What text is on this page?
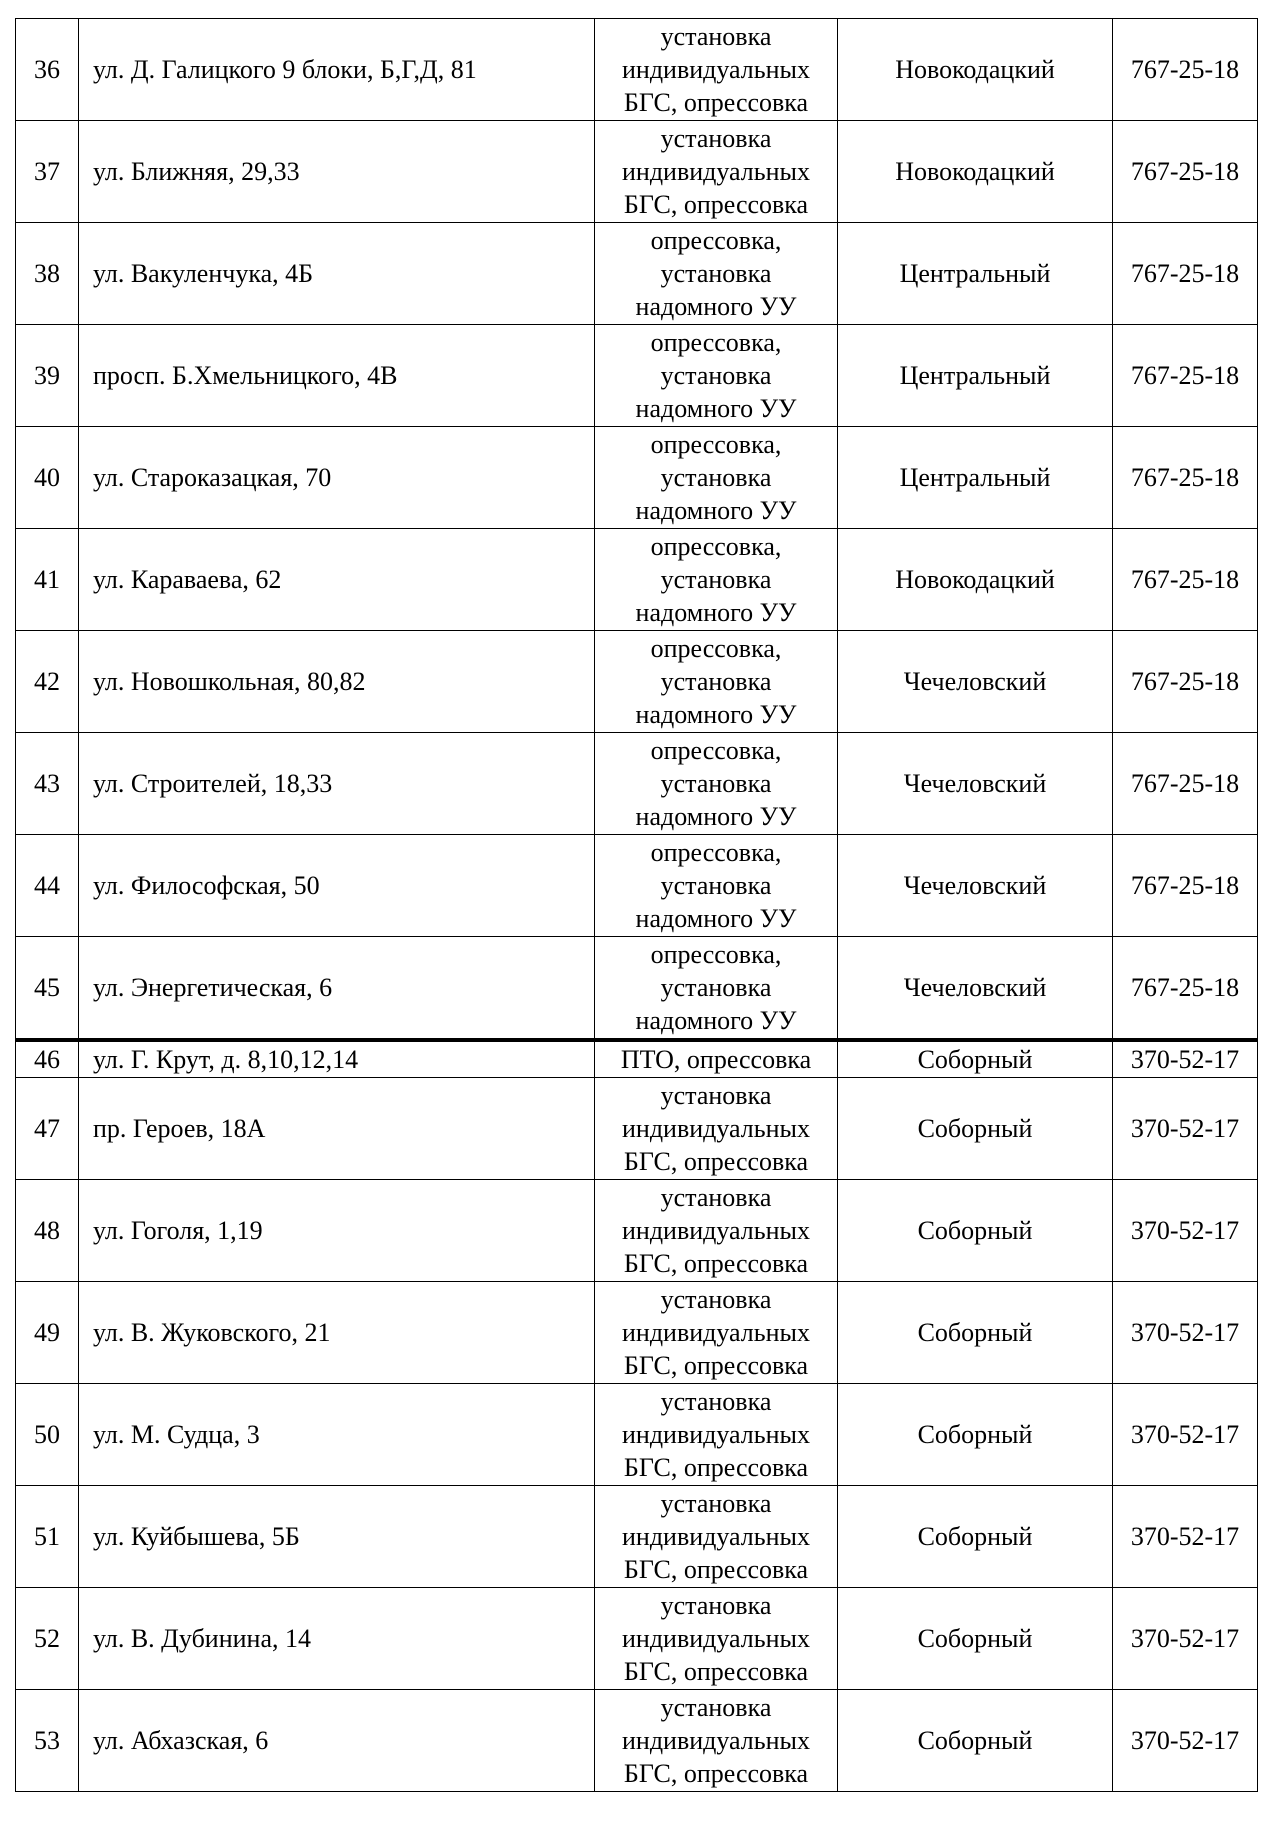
36	ул. Д. Галицкого 9 блоки, Б,Г,Д, 81	установка
индивидуальных
БГС, опрессовка	Новокодацкий	767-25-18
37	ул. Ближняя, 29,33	установка
индивидуальных
БГС, опрессовка	Новокодацкий	767-25-18
38	ул. Вакуленчука, 4Б	опрессовка,
установка
надомного УУ	Центральный	767-25-18
39	просп. Б.Хмельницкого, 4В	опрессовка,
установка
надомного УУ	Центральный	767-25-18
40	ул. Староказацкая, 70	опрессовка,
установка
надомного УУ	Центральный	767-25-18
41	ул. Караваева, 62	опрессовка,
установка
надомного УУ	Новокодацкий	767-25-18
42	ул. Новошкольная, 80,82	опрессовка,
установка
надомного УУ	Чечеловский	767-25-18
43	ул. Строителей, 18,33	опрессовка,
установка
надомного УУ	Чечеловский	767-25-18
44	ул. Философская, 50	опрессовка,
установка
надомного УУ	Чечеловский	767-25-18
45	ул. Энергетическая, 6	опрессовка,
установка
надомного УУ	Чечеловский	767-25-18
46	ул. Г. Крут, д. 8,10,12,14	ПТО, опрессовка	Соборный	370-52-17
47	пр. Героев, 18А	установка
индивидуальных
БГС, опрессовка	Соборный	370-52-17
48	ул. Гоголя, 1,19	установка
индивидуальных
БГС, опрессовка	Соборный	370-52-17
49	ул. В. Жуковского, 21	установка
индивидуальных
БГС, опрессовка	Соборный	370-52-17
50	ул. М. Судца, 3	установка
индивидуальных
БГС, опрессовка	Соборный	370-52-17
51	ул. Куйбышева, 5Б	установка
индивидуальных
БГС, опрессовка	Соборный	370-52-17
52	ул. В. Дубинина, 14	установка
индивидуальных
БГС, опрессовка	Соборный	370-52-17
53	ул. Абхазская, 6	установка
индивидуальных
БГС, опрессовка	Соборный	370-52-17
